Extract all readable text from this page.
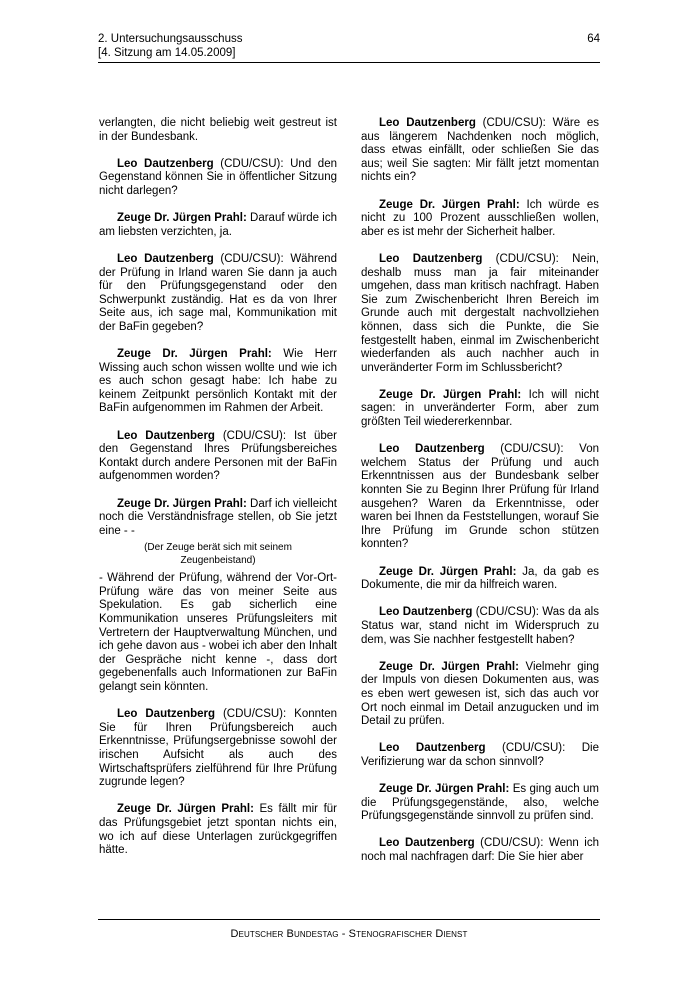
2. Untersuchungsausschuss
[4. Sitzung am 14.05.2009]
64

verlangten, die nicht beliebig weit gestreut ist in der Bundesbank.

Leo Dautzenberg (CDU/CSU): Und den Gegenstand können Sie in öffentlicher Sitzung nicht darlegen?

Zeuge Dr. Jürgen Prahl: Darauf würde ich am liebsten verzichten, ja.

Leo Dautzenberg (CDU/CSU): Während der Prüfung in Irland waren Sie dann ja auch für den Prüfungsgegenstand oder den Schwerpunkt zuständig. Hat es da von Ihrer Seite aus, ich sage mal, Kommunikation mit der BaFin gegeben?

Zeuge Dr. Jürgen Prahl: Wie Herr Wissing auch schon wissen wollte und wie ich es auch schon gesagt habe: Ich habe zu keinem Zeitpunkt persönlich Kontakt mit der BaFin aufgenommen im Rahmen der Arbeit.

Leo Dautzenberg (CDU/CSU): Ist über den Gegenstand Ihres Prüfungsbereiches Kontakt durch andere Personen mit der BaFin aufgenommen worden?

Zeuge Dr. Jürgen Prahl: Darf ich vielleicht noch die Verständnisfrage stellen, ob Sie jetzt eine - -

(Der Zeuge berät sich mit seinem
Zeugenbeistand)

- Während der Prüfung, während der Vor-Ort-Prüfung wäre das von meiner Seite aus Spekulation. Es gab sicherlich eine Kommunikation unseres Prüfungsleiters mit Vertretern der Hauptverwaltung München, und ich gehe davon aus - wobei ich aber den Inhalt der Gespräche nicht kenne -, dass dort gegebenenfalls auch Informationen zur BaFin gelangt sein könnten.

Leo Dautzenberg (CDU/CSU): Konnten Sie für Ihren Prüfungsbereich auch Erkenntnisse, Prüfungsergebnisse sowohl der irischen Aufsicht als auch des Wirtschaftsprüfers zielführend für Ihre Prüfung zugrunde legen?

Zeuge Dr. Jürgen Prahl: Es fällt mir für das Prüfungsgebiet jetzt spontan nichts ein, wo ich auf diese Unterlagen zurückgegriffen hätte.

Leo Dautzenberg (CDU/CSU): Wäre es aus längerem Nachdenken noch möglich, dass etwas einfällt, oder schließen Sie das aus; weil Sie sagten: Mir fällt jetzt momentan nichts ein?

Zeuge Dr. Jürgen Prahl: Ich würde es nicht zu 100 Prozent ausschließen wollen, aber es ist mehr der Sicherheit halber.

Leo Dautzenberg (CDU/CSU): Nein, deshalb muss man ja fair miteinander umgehen, dass man kritisch nachfragt. Haben Sie zum Zwischenbericht Ihren Bereich im Grunde auch mit dergestalt nachvollziehen können, dass sich die Punkte, die Sie festgestellt haben, einmal im Zwischenbericht wiederfanden als auch nachher auch in unveränderter Form im Schlussbericht?

Zeuge Dr. Jürgen Prahl: Ich will nicht sagen: in unveränderter Form, aber zum größten Teil wiedererkennbar.

Leo Dautzenberg (CDU/CSU): Von welchem Status der Prüfung und auch Erkenntnissen aus der Bundesbank selber konnten Sie zu Beginn Ihrer Prüfung für Irland ausgehen? Waren da Erkenntnisse, oder waren bei Ihnen da Feststellungen, worauf Sie Ihre Prüfung im Grunde schon stützen konnten?

Zeuge Dr. Jürgen Prahl: Ja, da gab es Dokumente, die mir da hilfreich waren.

Leo Dautzenberg (CDU/CSU): Was da als Status war, stand nicht im Widerspruch zu dem, was Sie nachher festgestellt haben?

Zeuge Dr. Jürgen Prahl: Vielmehr ging der Impuls von diesen Dokumenten aus, was es eben wert gewesen ist, sich das auch vor Ort noch einmal im Detail anzugucken und im Detail zu prüfen.

Leo Dautzenberg (CDU/CSU): Die Verifizierung war da schon sinnvoll?

Zeuge Dr. Jürgen Prahl: Es ging auch um die Prüfungsgegenstände, also, welche Prüfungsgegenstände sinnvoll zu prüfen sind.

Leo Dautzenberg (CDU/CSU): Wenn ich noch mal nachfragen darf: Die Sie hier aber

Deutscher Bundestag - Stenografischer Dienst
